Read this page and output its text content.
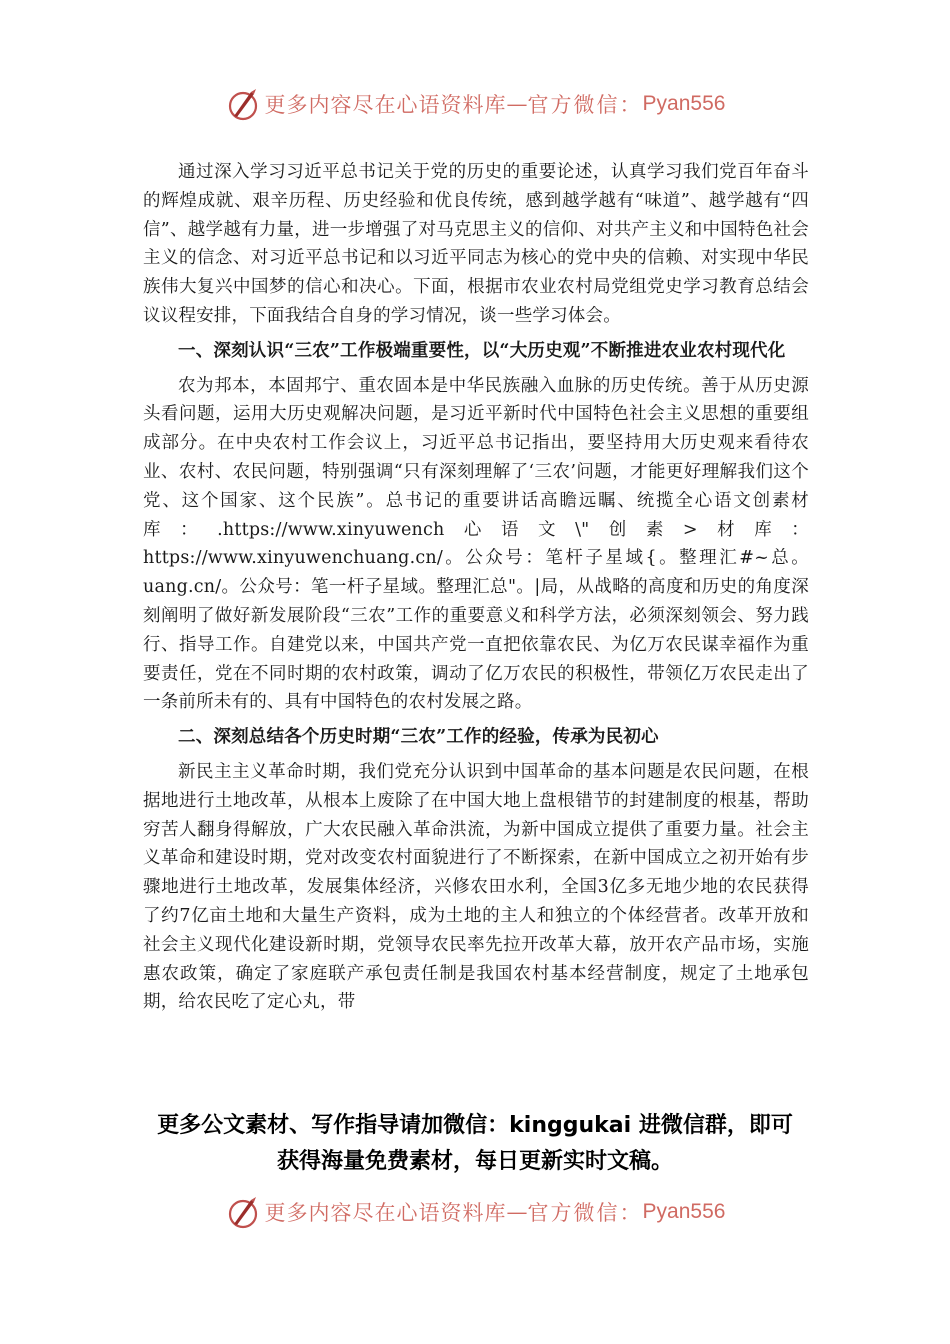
更多内容尽在心语资料库 — 官方微信： Pyan556

通过深入学习习近平总书记关于党的历史的重要论述，认真学习我们党百年奋斗的辉煌成就、艰辛历程、历史经验和优良传统，感到越学越有“味道”、越学越有“四信”、越学越有力量，进一步增强了对马克思主义的信仰、对共产主义和中国特色社会主义的信念、对习近平总书记和以习近平同志为核心的党中央的信赖、对实现中华民族伟大复兴中国梦的信心和决心。下面，根据市农业农村局党组党史学习教育总结会议议程安排，下面我结合自身的学习情况，谈一些学习体会。

一、深刻认识“三农”工作极端重要性，以“大历史观”不断推进农业农村现代化

农为邦本，本固邦宁、重农固本是中华民族融入血脉的历史传统。善于从历史源头看问题，运用大历史观解决问题，是习近平新时代中国特色社会主义思想的重要组成部分。在中央农村工作会议上，习近平总书记指出，要坚持用大历史观来看待农业、农村、农民问题，特别强调“只有深刻理解了‘三农’问题，才能更好理解我们这个党、这个国家、这个民族”。总书记的重要讲话高瞻远瞩、统揽全心语文创素材库：.https://www.xinyuwench心语文\"创素>材库：https://www.xinyuwenchuang.cn/。公众号：笔杆子星域{。整理汇#~总。uang.cn/。公众号：笔一杆子星域。整理汇总"。|局，从战略的高度和历史的角度深刻阐明了做好新发展阶段“三农”工作的重要意义和科学方法，必须深刻领会、努力践行、指导工作。自建党以来，中国共产党一直把依靠农民、为亿万农民谋幸福作为重要责任，党在不同时期的农村政策，调动了亿万农民的积极性，带领亿万农民走出了一条前所未有的、具有中国特色的农村发展之路。

二、深刻总结各个历史时期“三农”工作的经验，传承为民初心

新民主主义革命时期，我们党充分认识到中国革命的基本问题是农民问题，在根据地进行土地改革，从根本上废除了在中国大地上盘根错节的封建制度的根基，帮助穷苦人翻身得解放，广大农民融入革命洪流，为新中国成立提供了重要力量。社会主义革命和建设时期，党对改变农村面貌进行了不断探索，在新中国成立之初开始有步骤地进行土地改革，发展集体经济，兴修农田水利，全国3亿多无地少地的农民获得了约7亿亩土地和大量生产资料，成为土地的主人和独立的个体经营者。改革开放和社会主义现代化建设新时期，党领导农民率先拉开改革大幕，放开农产品市场，实施惠农政策，确定了家庭联产承包责任制是我国农村基本经营制度，规定了土地承包期，给农民吃了定心丸，带

更多公文素材、写作指导请加微信：kinggukai 进微信群，即可
获得海量免费素材，每日更新实时文稿。
更多内容尽在心语资料库 — 官方微信： Pyan556
